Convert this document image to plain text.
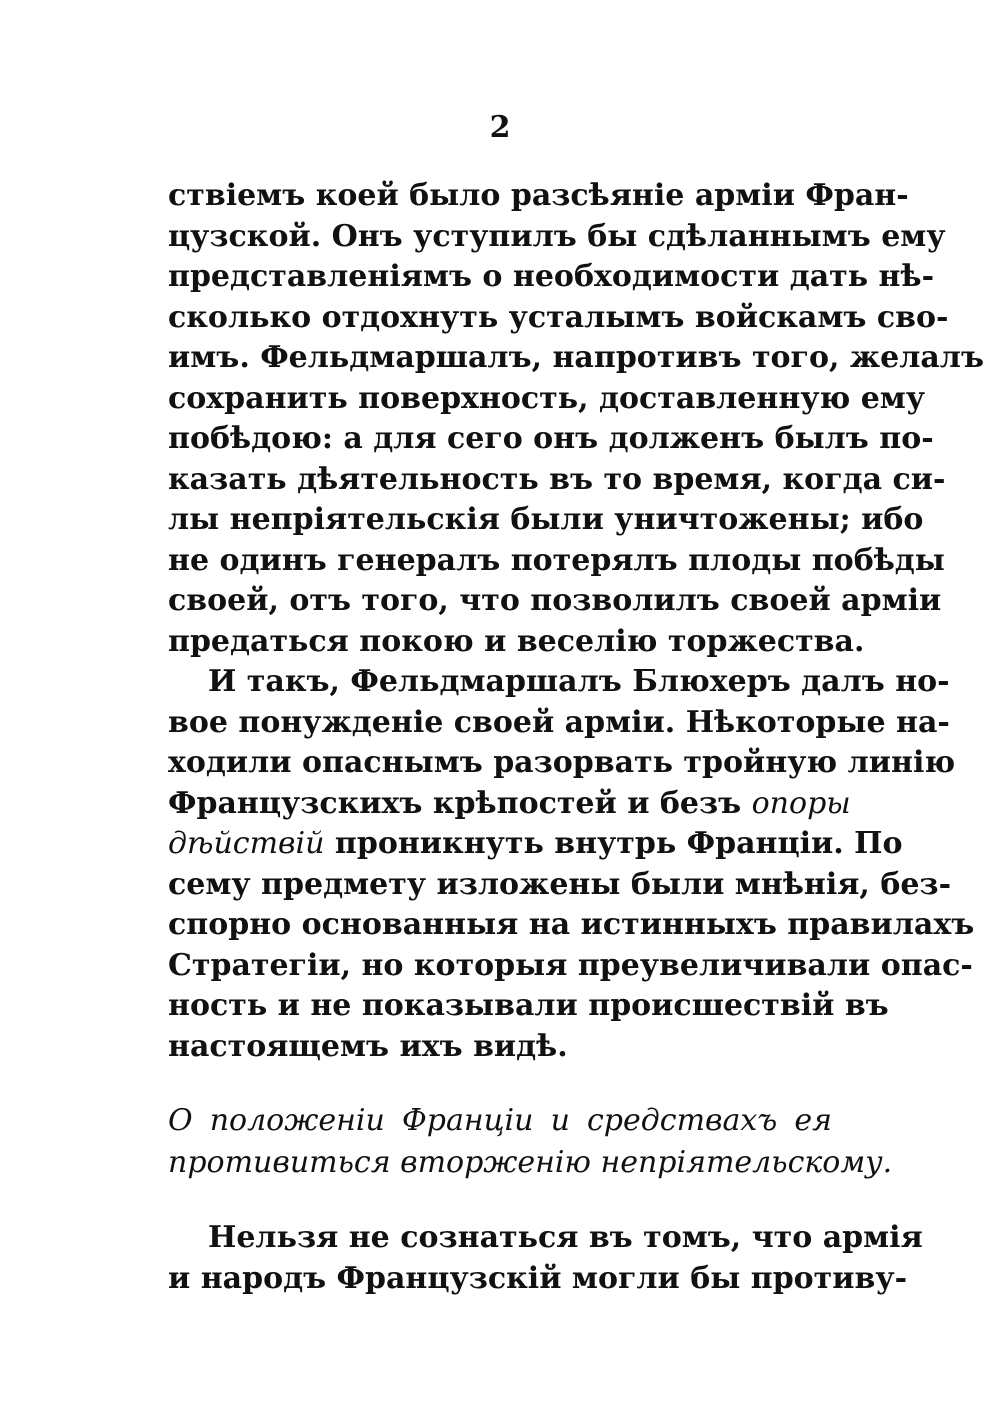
2
ствіемъ коей было разсѣяніе арміи Фран-
цузской. Онъ уступилъ бы сдѣланнымъ ему
представленіямъ о необходимости дать нѣ-
сколько отдохнуть усталымъ войскамъ сво-
имъ. Фельдмаршалъ, напротивъ того, желалъ
сохранить поверхность, доставленную ему
побѣдою: а для сего онъ долженъ былъ по-
казать дѣятельность въ то время, когда си-
лы непріятельскія были уничтожены; ибо
не одинъ генералъ потерялъ плоды побѣды
своей, отъ того, что позволилъ своей арміи
предаться покою и веселію торжества.
И такъ, Фельдмаршалъ Блюхеръ далъ но-
вое понужденіе своей арміи. Нѣкоторые на-
ходили опаснымъ разорвать тройную линію
Французскихъ крѣпостей и безъ опоры
дѣйствій проникнуть внутрь Франціи. По
сему предмету изложены были мнѣнія, без-
спорно основанныя на истинныхъ правилахъ
Стратегіи, но которыя преувеличивали опас-
ность и не показывали происшествій въ
настоящемъ ихъ видѣ.
О положеніи Франціи и средствахъ ея
противиться вторженію непріятельскому.
Нельзя не сознаться въ томъ, что армія
и народъ Французскій могли бы противу-
